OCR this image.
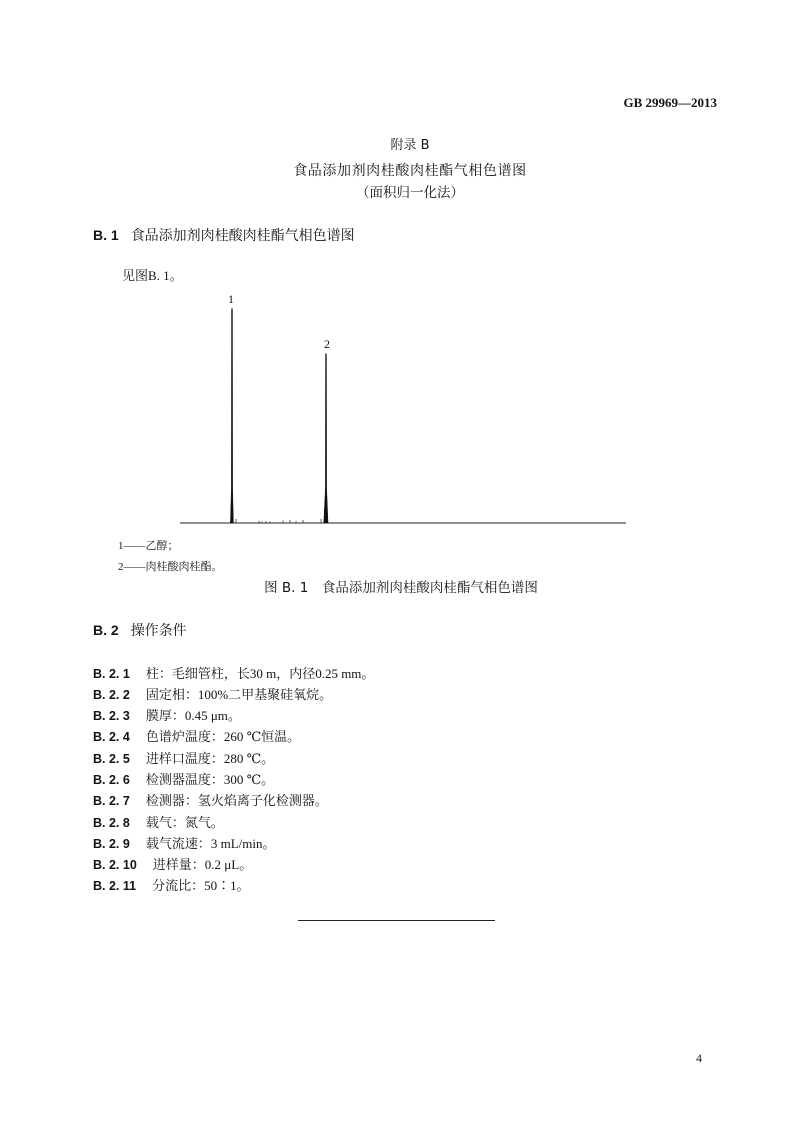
GB 29969—2013
附录 B
食品添加剂肉桂酸肉桂酯气相色谱图
（面积归一化法）
B. 1 食品添加剂肉桂酸肉桂酯气相色谱图
见图B. 1。
1
2
1——乙醇；
2——肉桂酸肉桂酯。
图 B. 1　食品添加剂肉桂酸肉桂酯气相色谱图
B. 2 操作条件
B. 2. 1 柱：毛细管柱，长30 m，内径0.25 mm。
B. 2. 2 固定相：100%二甲基聚硅氧烷。
B. 2. 3 膜厚：0.45 μm。
B. 2. 4 色谱炉温度：260 ℃恒温。
B. 2. 5 进样口温度：280 ℃。
B. 2. 6 检测器温度：300 ℃。
B. 2. 7 检测器：氢火焰离子化检测器。
B. 2. 8 载气：氮气。
B. 2. 9 载气流速：3 mL/min。
B. 2. 10 进样量：0.2 μL。
B. 2. 11 分流比：50∶1。
4
